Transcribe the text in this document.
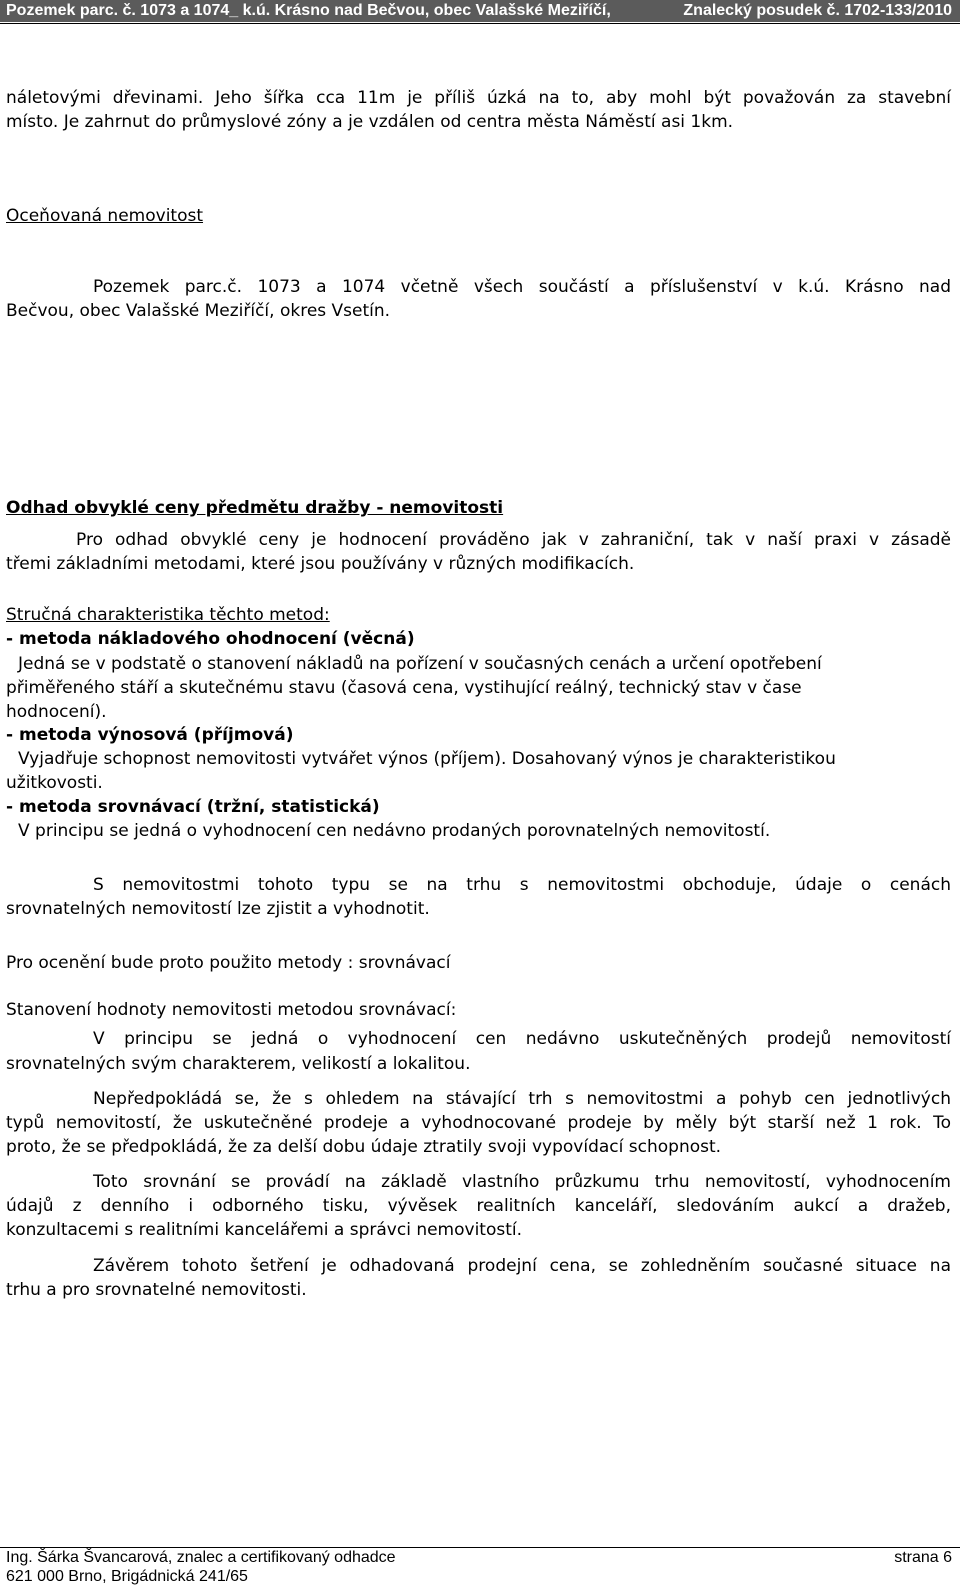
Pozemek parc. č. 1073 a 1074_ k.ú. Krásno nad Bečvou, obec Valašské Meziříčí,	Znalecký posudek č. 1702-133/2010
náletovými dřevinami. Jeho šířka cca 11m je příliš úzká na to, aby mohl být považován za stavební
místo. Je zahrnut do průmyslové zóny a je vzdálen od centra města Náměstí asi 1km.
Oceňovaná nemovitost
Pozemek parc.č. 1073 a 1074 včetně všech součástí a příslušenství v k.ú. Krásno nad
Bečvou, obec Valašské Meziříčí, okres Vsetín.
Odhad obvyklé ceny předmětu dražby - nemovitosti
Pro odhad obvyklé ceny je hodnocení prováděno jak v zahraniční, tak v naší praxi v zásadě
třemi základními metodami, které jsou používány v různých modifikacích.
Stručná charakteristika těchto metod:
- metoda nákladového ohodnocení (věcná)
Jedná se v podstatě o stanovení nákladů na pořízení v současných cenách a určení opotřebení
přiměřeného stáří a skutečnému stavu (časová cena, vystihující reálný, technický stav v čase
hodnocení).
- metoda výnosová (příjmová)
Vyjadřuje schopnost nemovitosti vytvářet výnos (příjem). Dosahovaný výnos je charakteristikou
užitkovosti.
- metoda srovnávací (tržní, statistická)
V principu se jedná o vyhodnocení cen nedávno prodaných porovnatelných nemovitostí.
S nemovitostmi tohoto typu se na trhu s nemovitostmi obchoduje, údaje o cenách
srovnatelných nemovitostí lze zjistit a vyhodnotit.
Pro ocenění bude proto použito metody : srovnávací
Stanovení hodnoty nemovitosti metodou srovnávací:
V principu se jedná o vyhodnocení cen nedávno uskutečněných prodejů nemovitostí
srovnatelných svým charakterem, velikostí a lokalitou.
Nepředpokládá se, že s ohledem na stávající trh s nemovitostmi a pohyb cen jednotlivých
typů nemovitostí, že uskutečněné prodeje a vyhodnocované prodeje by měly být starší než 1 rok. To
proto, že se předpokládá, že za delší dobu údaje ztratily svoji vypovídací schopnost.
Toto srovnání se provádí na základě vlastního průzkumu trhu nemovitostí, vyhodnocením
údajů z denního i odborného tisku, vývěsek realitních kanceláří, sledováním aukcí a dražeb,
konzultacemi s realitními kancelářemi a správci nemovitostí.
Závěrem tohoto šetření je odhadovaná prodejní cena, se zohledněním současné situace na
trhu a pro srovnatelné nemovitosti.
Ing. Šárka Švancarová, znalec a certifikovaný odhadce
621 000 Brno, Brigádnická 241/65
strana 6
